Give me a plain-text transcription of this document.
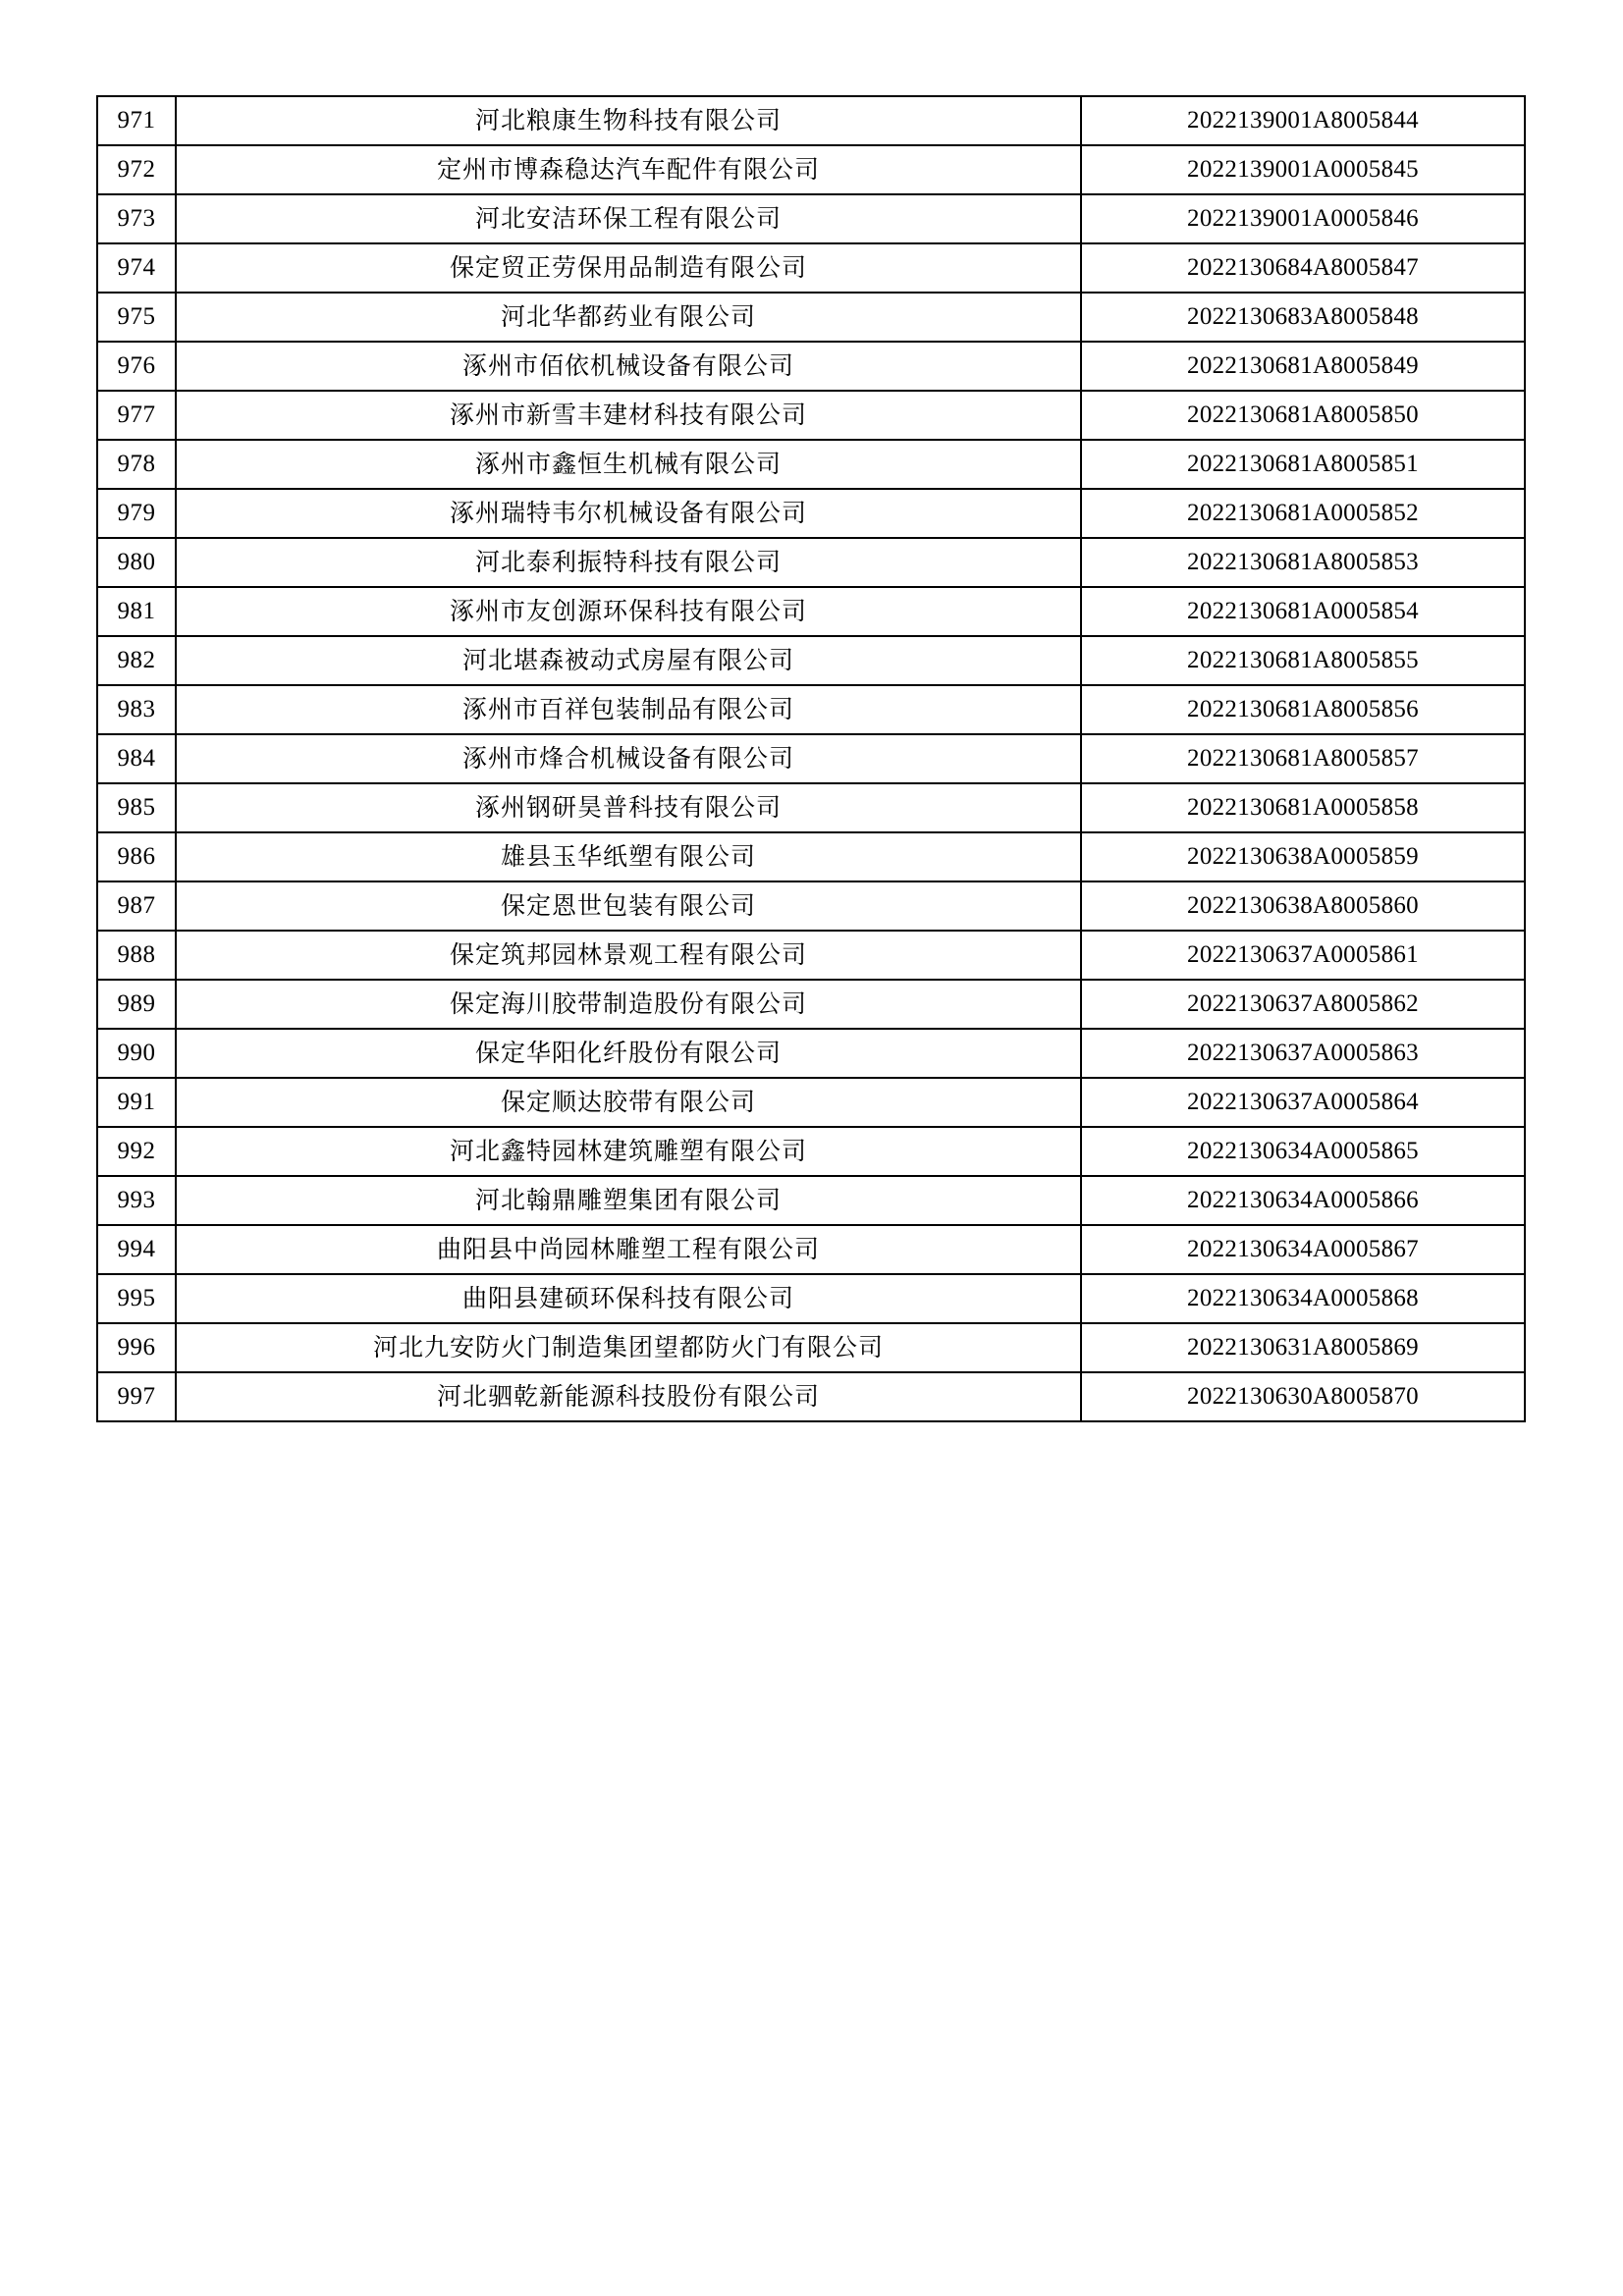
971	河北粮康生物科技有限公司	2022139001A8005844
972	定州市博森稳达汽车配件有限公司	2022139001A0005845
973	河北安洁环保工程有限公司	2022139001A0005846
974	保定贸正劳保用品制造有限公司	2022130684A8005847
975	河北华都药业有限公司	2022130683A8005848
976	涿州市佰依机械设备有限公司	2022130681A8005849
977	涿州市新雪丰建材科技有限公司	2022130681A8005850
978	涿州市鑫恒生机械有限公司	2022130681A8005851
979	涿州瑞特韦尔机械设备有限公司	2022130681A0005852
980	河北泰利振特科技有限公司	2022130681A8005853
981	涿州市友创源环保科技有限公司	2022130681A0005854
982	河北堪森被动式房屋有限公司	2022130681A8005855
983	涿州市百祥包装制品有限公司	2022130681A8005856
984	涿州市烽合机械设备有限公司	2022130681A8005857
985	涿州钢研昊普科技有限公司	2022130681A0005858
986	雄县玉华纸塑有限公司	2022130638A0005859
987	保定恩世包装有限公司	2022130638A8005860
988	保定筑邦园林景观工程有限公司	2022130637A0005861
989	保定海川胶带制造股份有限公司	2022130637A8005862
990	保定华阳化纤股份有限公司	2022130637A0005863
991	保定顺达胶带有限公司	2022130637A0005864
992	河北鑫特园林建筑雕塑有限公司	2022130634A0005865
993	河北翰鼎雕塑集团有限公司	2022130634A0005866
994	曲阳县中尚园林雕塑工程有限公司	2022130634A0005867
995	曲阳县建硕环保科技有限公司	2022130634A0005868
996	河北九安防火门制造集团望都防火门有限公司	2022130631A8005869
997	河北驷乾新能源科技股份有限公司	2022130630A8005870
